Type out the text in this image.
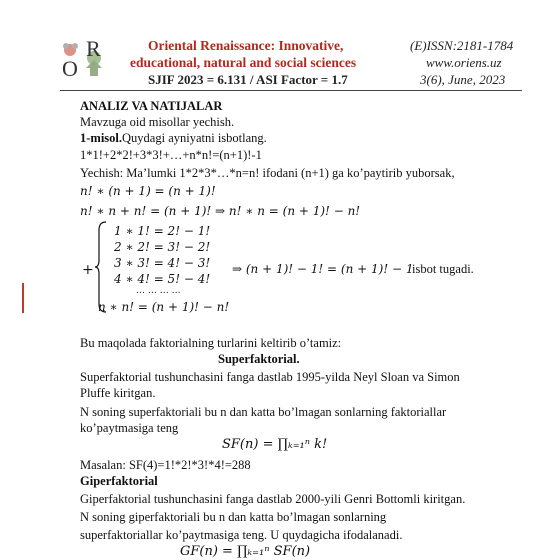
O
R	Oriental Renaissance: Innovative,
educational, natural and social sciences
SJIF 2023 = 6.131 / ASI Factor = 1.7
(E)ISSN:2181-1784
www.oriens.uz
3(6), June, 2023
ANALIZ VA NATIJALAR
Mavzuga oid misollar yechish.
1-misol.Quydagi ayniyatni isbotlang.
1*1!+2*2!+3*3!+…+n*n!=(n+1)!-1
Yechish: Ma’lumki 1*2*3*…*n=n! ifodani (n+1) ga ko’paytirib yuborsak,
n! ∗ (n + 1) = (n + 1)!
n! ∗ n + n! = (n + 1)! ⇒ n! ∗ n = (n + 1)! − n!
+
1 ∗ 1! = 2! − 1!
2 ∗ 2! = 3! − 2!
3 ∗ 3! = 4! − 3!
4 ∗ 4! = 5! − 4!
… … … …
n ∗ n! = (n + 1)! − n!
⇒ (n + 1)! − 1! = (n + 1)! − 1
isbot tugadi.
Bu maqolada faktorialning turlarini keltirib o’tamiz:
Superfaktorial.
Superfaktorial tushunchasini fanga dastlab 1995-yilda Neyl Sloan va Simon
Pluffe kiritgan.
N soning superfaktoriali bu n dan katta bo’lmagan sonlarning faktoriallar
ko’paytmasiga teng
SF(n) = ∏ₖ₌₁ⁿ k!
Masalan: SF(4)=1!*2!*3!*4!=288
Giperfaktorial
Giperfaktorial tushunchasini fanga dastlab 2000-yili Genri Bottomli kiritgan.
N soning giperfaktoriali bu n dan katta bo’lmagan sonlarning
superfaktoriallar ko’paytmasiga teng. U quydagicha ifodalanadi.
GF(n) = ∏ₖ₌₁ⁿ SF(n)
